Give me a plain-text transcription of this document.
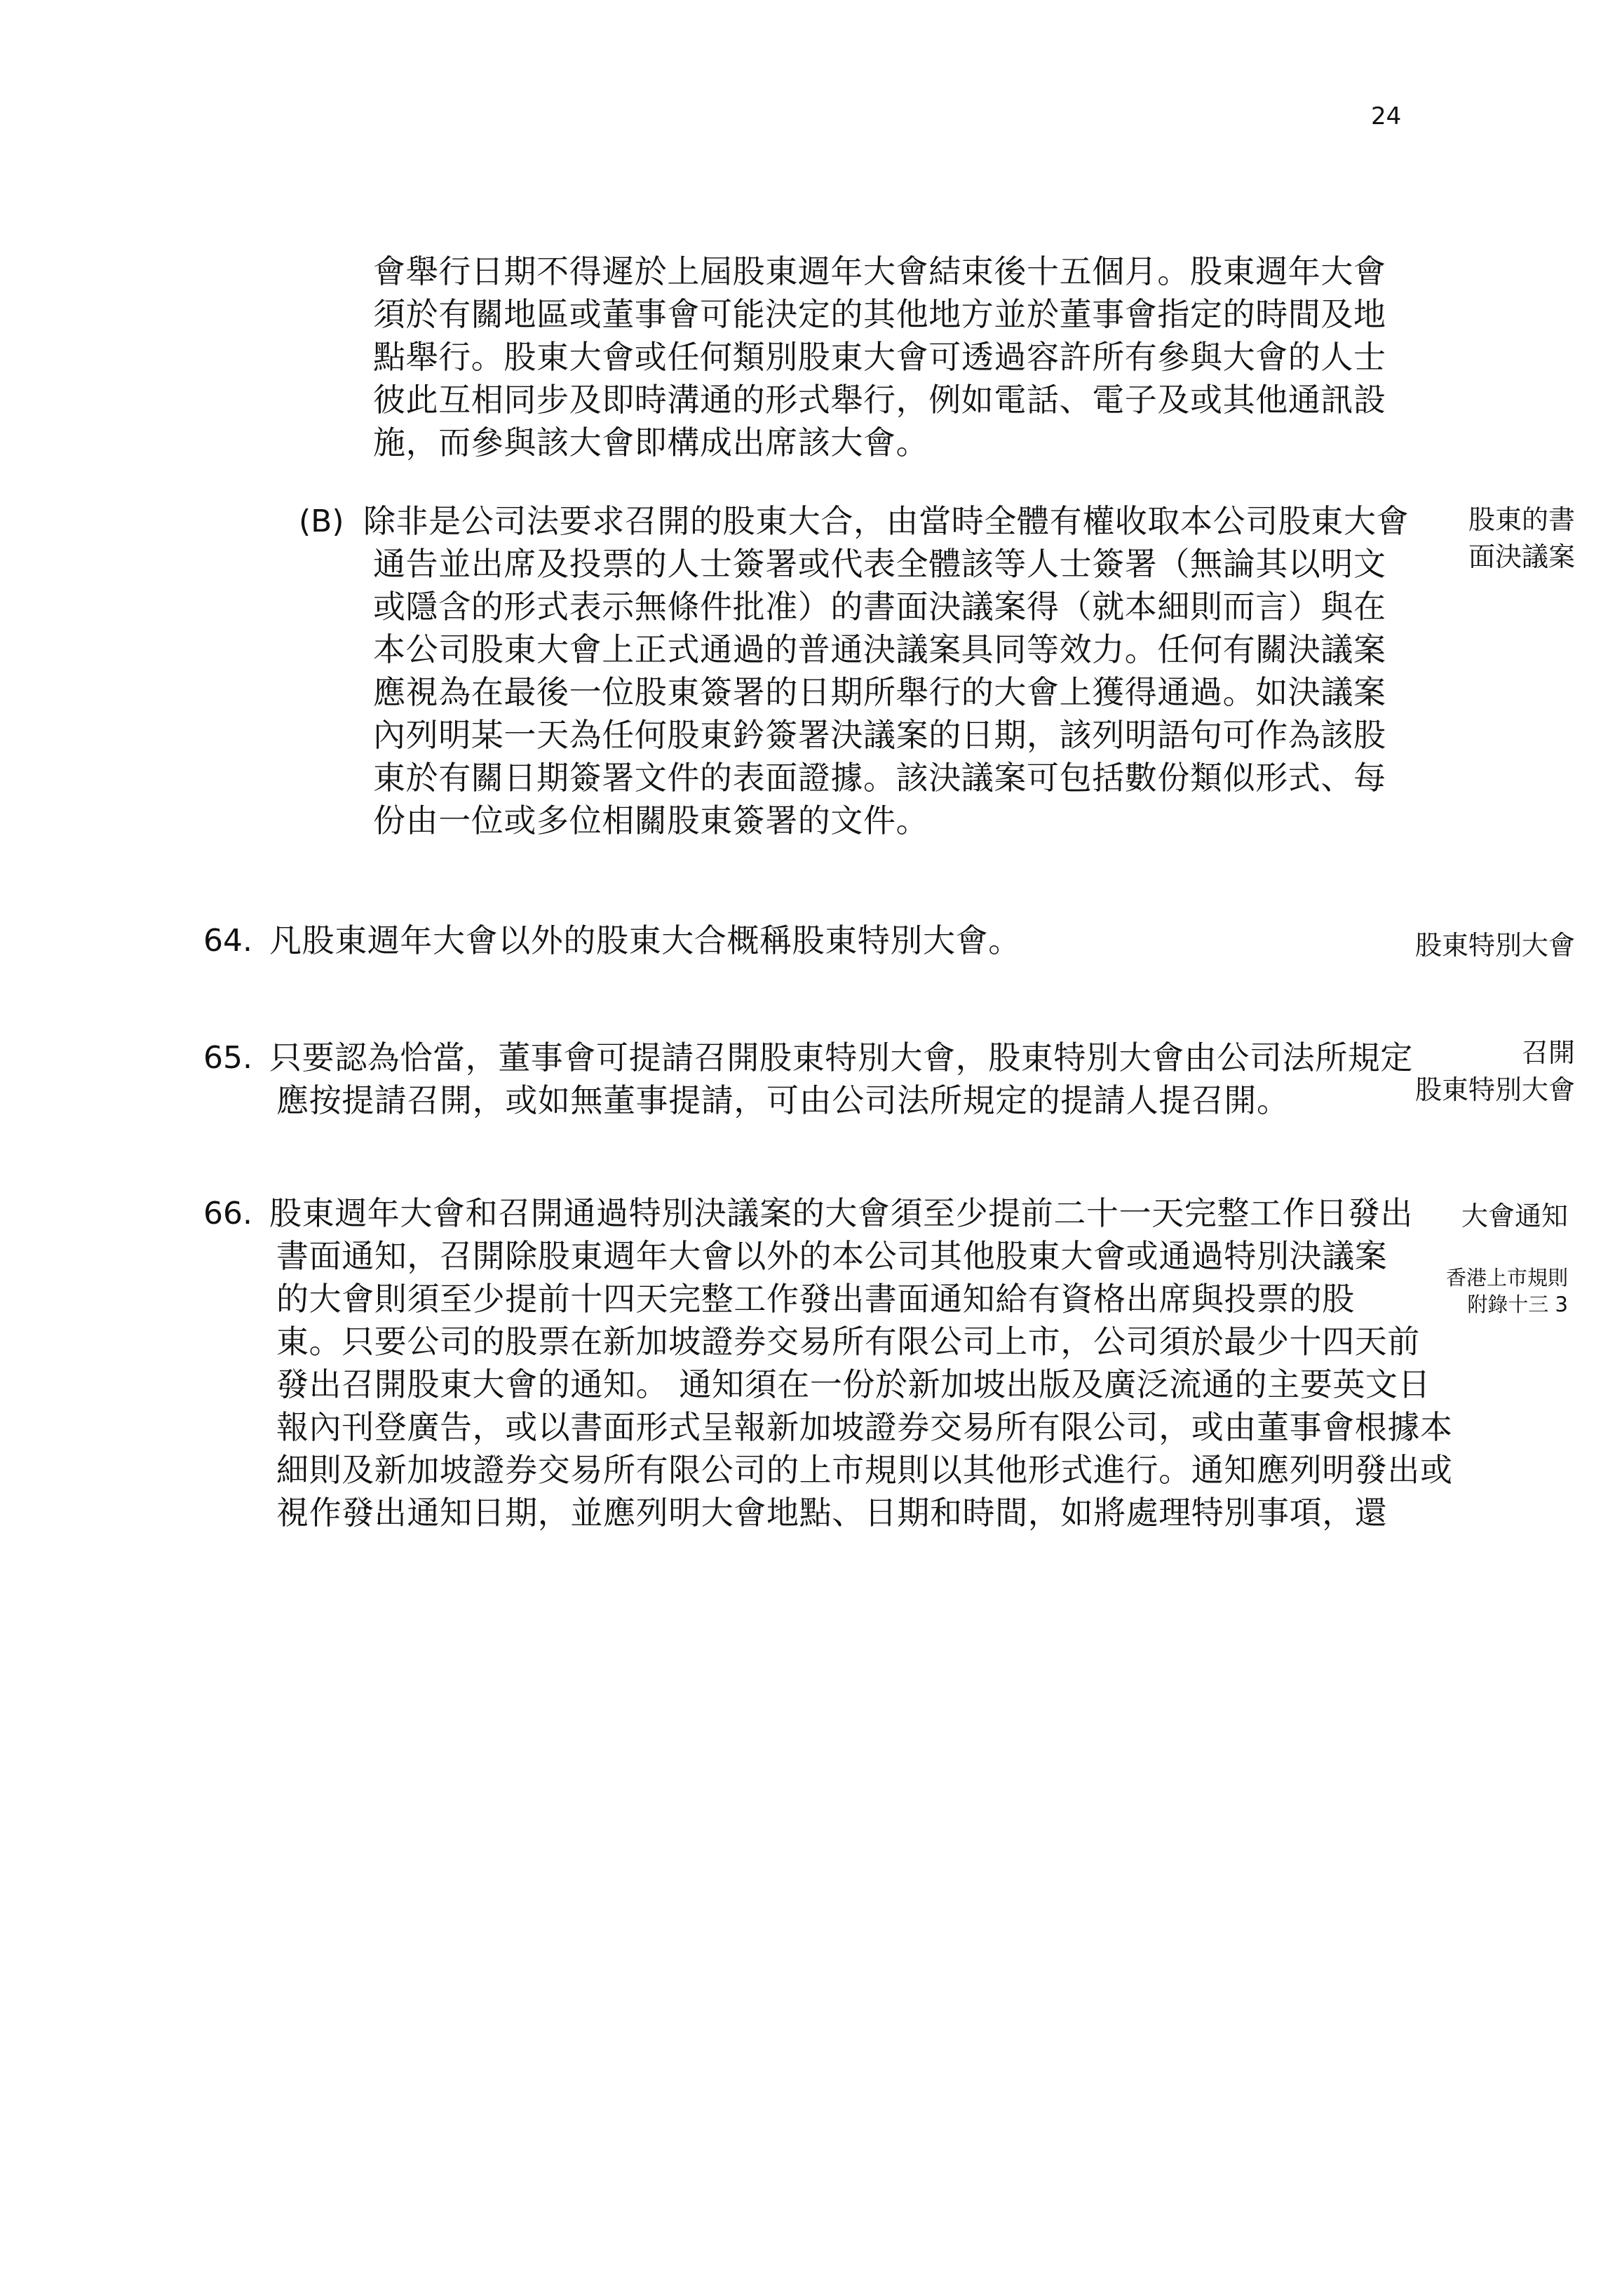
24
會舉行日期不得遲於上屆股東週年大會結束後十五個月。股東週年大會
須於有關地區或董事會可能決定的其他地方並於董事會指定的時間及地
點舉行。股東大會或任何類別股東大會可透過容許所有參與大會的人士
彼此互相同步及即時溝通的形式舉行，例如電話、電子及或其他通訊設
施，而參與該大會即構成出席該大會。
(B) 除非是公司法要求召開的股東大合，由當時全體有權收取本公司股東大會
通告並出席及投票的人士簽署或代表全體該等人士簽署（無論其以明文
或隱含的形式表示無條件批准）的書面決議案得（就本細則而言）與在
本公司股東大會上正式通過的普通決議案具同等效力。任何有關決議案
應視為在最後一位股東簽署的日期所舉行的大會上獲得通過。如決議案
內列明某一天為任何股東鈐簽署決議案的日期，該列明語句可作為該股
東於有關日期簽署文件的表面證據。該決議案可包括數份類似形式、每
份由一位或多位相關股東簽署的文件。
股東的書
面決議案
64. 凡股東週年大會以外的股東大合概稱股東特別大會。	股東特別大會
65. 只要認為恰當，董事會可提請召開股東特別大會，股東特別大會由公司法所規定
應按提請召開，或如無董事提請，可由公司法所規定的提請人提召開。
召開
股東特別大會
66. 股東週年大會和召開通過特別決議案的大會須至少提前二十一天完整工作日發出
書面通知，召開除股東週年大會以外的本公司其他股東大會或通過特別決議案
的大會則須至少提前十四天完整工作發出書面通知給有資格出席與投票的股
東。只要公司的股票在新加坡證券交易所有限公司上市，公司須於最少十四天前
發出召開股東大會的通知。 通知須在一份於新加坡出版及廣泛流通的主要英文日
報內刊登廣告，或以書面形式呈報新加坡證券交易所有限公司，或由董事會根據本
細則及新加坡證券交易所有限公司的上市規則以其他形式進行。通知應列明發出或
視作發出通知日期，並應列明大會地點、日期和時間，如將處理特別事項，還
大會通知
香港上市規則
附錄十三 3
